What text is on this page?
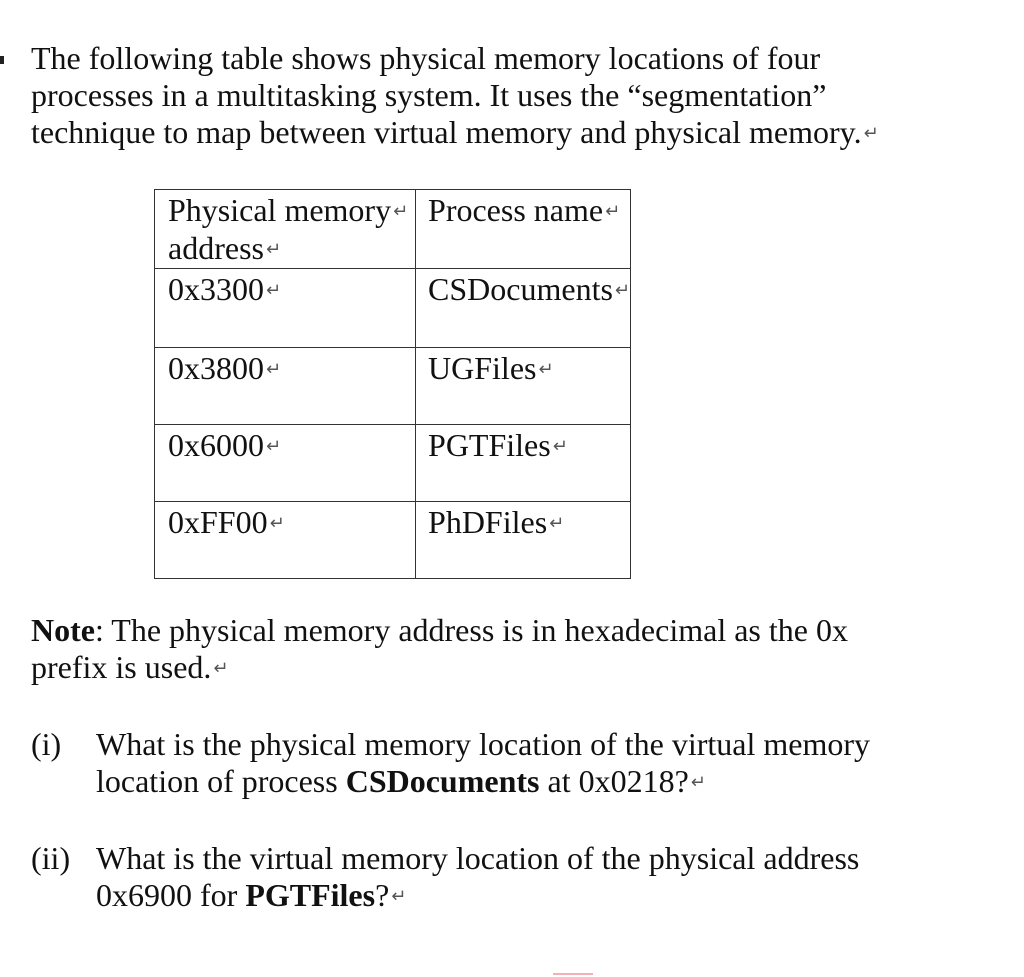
The following table shows physical memory locations of four
processes in a multitasking system. It uses the “segmentation”
technique to map between virtual memory and physical memory. ↵

Physical memory ↵
address ↵	Process name ↵
0x3300 ↵	CSDocuments ↵
0x3800 ↵	UGFiles ↵
0x6000 ↵	PGTFiles ↵
0xFF00 ↵	PhDFiles ↵

Note: The physical memory address is in hexadecimal as the 0x
prefix is used. ↵

(i) What is the physical memory location of the virtual memory
location of process CSDocuments at 0x0218? ↵
(ii) What is the virtual memory location of the physical address
0x6900 for PGTFiles? ↵
